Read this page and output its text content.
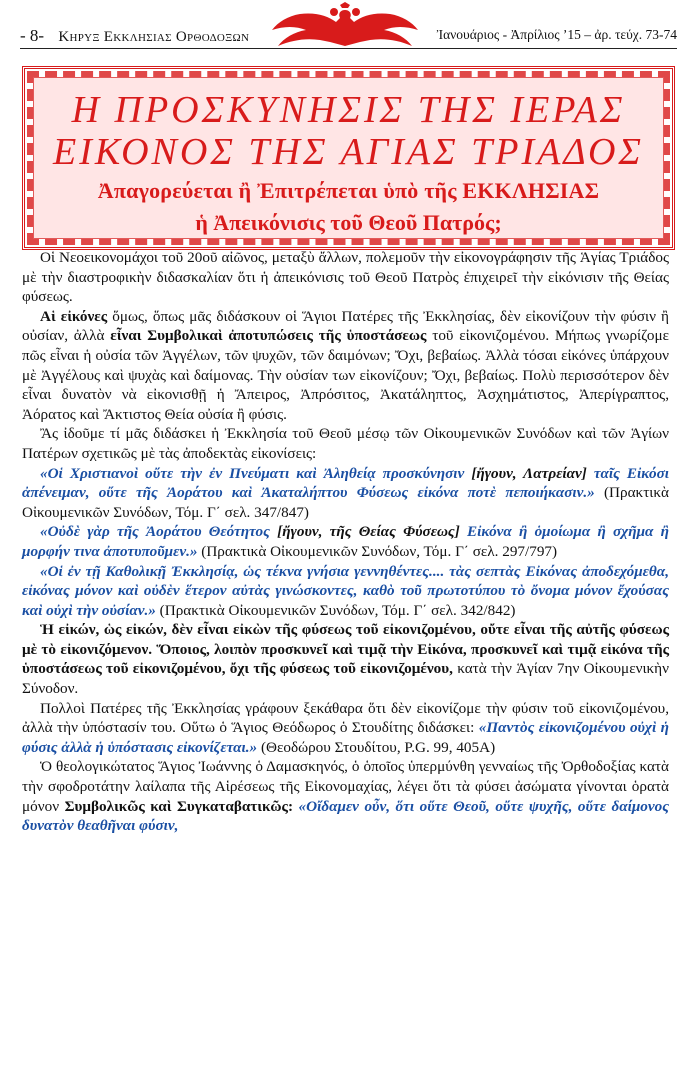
- 8- Κηρυξ Εκκλησιας Ορθοδοξων	Ἰανουάριος - Ἀπρίλιος ’15 – ἀρ. τεύχ. 73-74
Η ΠΡΟΣΚΥΝΗΣΙΣ ΤΗΣ ΙΕΡΑΣ
ΕΙΚΟΝΟΣ ΤΗΣ ΑΓΙΑΣ ΤΡΙΑΔΟΣ
Ἀπαγορεύεται ἢ Ἐπιτρέπεται ὑπὸ τῆς ΕΚΚΛΗΣΙΑΣ
ἡ Ἀπεικόνισις τοῦ Θεοῦ Πατρός;

Οἱ Νεοεικονομάχοι τοῦ 20οῦ αἰῶνος, μεταξὺ ἄλλων, πολεμοῦν τὴν εἰκονογράφησιν τῆς Ἁγίας Τριάδος μὲ τὴν διαστροφικὴν διδασκαλίαν ὅτι ἡ ἀπεικόνισις τοῦ Θεοῦ Πατρὸς ἐπιχειρεῖ τὴν εἰκόνισιν τῆς Θείας φύσεως.

Αἱ εἰκόνες ὅμως, ὅπως μᾶς διδάσκουν οἱ Ἅγιοι Πατέρες τῆς Ἐκκλησίας, δὲν εἰκονίζουν τὴν φύσιν ἢ οὐσίαν, ἀλλὰ εἶναι Συμβολικαὶ ἀποτυπώσεις τῆς ὑποστάσεως τοῦ εἰκονιζομένου. Μήπως γνωρίζομε πῶς εἶναι ἡ οὐσία τῶν Ἀγγέλων, τῶν ψυχῶν, τῶν δαιμόνων; Ὄχι, βεβαίως. Ἀλλὰ τόσαι εἰκόνες ὑπάρχουν μὲ Ἀγγέλους καὶ ψυχὰς καὶ δαίμονας. Τὴν οὐσίαν των εἰκονίζουν; Ὄχι, βεβαίως. Πολὺ περισσότερον δὲν εἶναι δυνατὸν νὰ εἰκονισθῇ ἡ Ἄπειρος, Ἀπρόσιτος, Ἀκατάληπτος, Ἀσχημάτιστος, Ἀπερίγραπτος, Ἀόρατος καὶ Ἄκτιστος Θεία οὐσία ἢ φύσις.

Ἂς ἰδοῦμε τί μᾶς διδάσκει ἡ Ἐκκλησία τοῦ Θεοῦ μέσῳ τῶν Οἰκουμενικῶν Συνόδων καὶ τῶν Ἁγίων Πατέρων σχετικῶς μὲ τὰς ἀποδεκτὰς εἰκονίσεις:

«Οἱ Χριστιανοὶ οὔτε τὴν ἐν Πνεύματι καὶ Ἀληθείᾳ προσκύνησιν [ἤγουν, Λατρείαν] ταῖς Εἰκόσι ἀπένειμαν, οὔτε τῆς Ἀοράτου καὶ Ἀκαταλήπτου Φύσεως εἰκόνα ποτὲ πεποιήκασιν.» (Πρακτικὰ Οἰκουμενικῶν Συνόδων, Τόμ. Γ΄ σελ. 347/847)

«Οὐδὲ γὰρ τῆς Ἀοράτου Θεότητος [ἤγουν, τῆς Θείας Φύσεως] Εἰκόνα ἢ ὁμοίωμα ἢ σχῆμα ἢ μορφήν τινα ἀποτυποῦμεν.» (Πρακτικὰ Οἰκουμενικῶν Συνόδων, Τόμ. Γ΄ σελ. 297/797)

«Οἱ ἐν τῇ Καθολικῇ Ἐκκλησίᾳ, ὡς τέκνα γνήσια γεννηθέντες.... τὰς σεπτὰς Εἰκόνας ἀποδεχόμεθα, εἰκόνας μόνον καὶ οὐδὲν ἕτερον αὐτὰς γινώσκοντες, καθὸ τοῦ πρωτοτύπου τὸ ὄνομα μόνον ἔχούσας καὶ οὐχὶ τὴν οὐσίαν.» (Πρακτικὰ Οἰκουμενικῶν Συνόδων, Τόμ. Γ΄ σελ. 342/842)

Ἡ εἰκών, ὡς εἰκών, δὲν εἶναι εἰκὼν τῆς φύσεως τοῦ εἰκονιζομένου, οὔτε εἶναι τῆς αὐτῆς φύσεως μὲ τὸ εἰκονιζόμενον. Ὅποιος, λοιπὸν προσκυνεῖ καὶ τιμᾷ τὴν Εἰκόνα, προσκυνεῖ καὶ τιμᾷ εἰκόνα τῆς ὑποστάσεως τοῦ εἰκονιζομένου, ὄχι τῆς φύσεως τοῦ εἰκονιζομένου, κατὰ τὴν Ἁγίαν 7ην Οἰκουμενικὴν Σύνοδον.

Πολλοὶ Πατέρες τῆς Ἐκκλησίας γράφουν ξεκάθαρα ὅτι δὲν εἰκονίζομε τὴν φύσιν τοῦ εἰκονιζομένου, ἀλλὰ τὴν ὑπόστασίν του. Οὕτω ὁ Ἅγιος Θεόδωρος ὁ Στουδίτης διδάσκει: «Παντὸς εἰκονιζομένου οὐχὶ ἡ φύσις ἀλλὰ ἡ ὑπόστασις εἰκονίζεται.» (Θεοδώρου Στουδίτου, P.G. 99, 405Α)

Ὁ θεολογικώτατος Ἅγιος Ἰωάννης ὁ Δαμασκηνός, ὁ ὁποῖος ὑπερμύνθη γενναίως τῆς Ὀρθοδοξίας κατὰ τὴν σφοδροτάτην λαίλαπα τῆς Αἱρέσεως τῆς Εἰκονομαχίας, λέγει ὅτι τὰ φύσει ἀσώματα γίνονται ὁρατὰ μόνον Συμβολικῶς καὶ Συγκαταβατικῶς: «Οἴδαμεν οὖν, ὅτι οὔτε Θεοῦ, οὔτε ψυχῆς, οὔτε δαίμονος δυνατὸν θεαθῆναι φύσιν,
